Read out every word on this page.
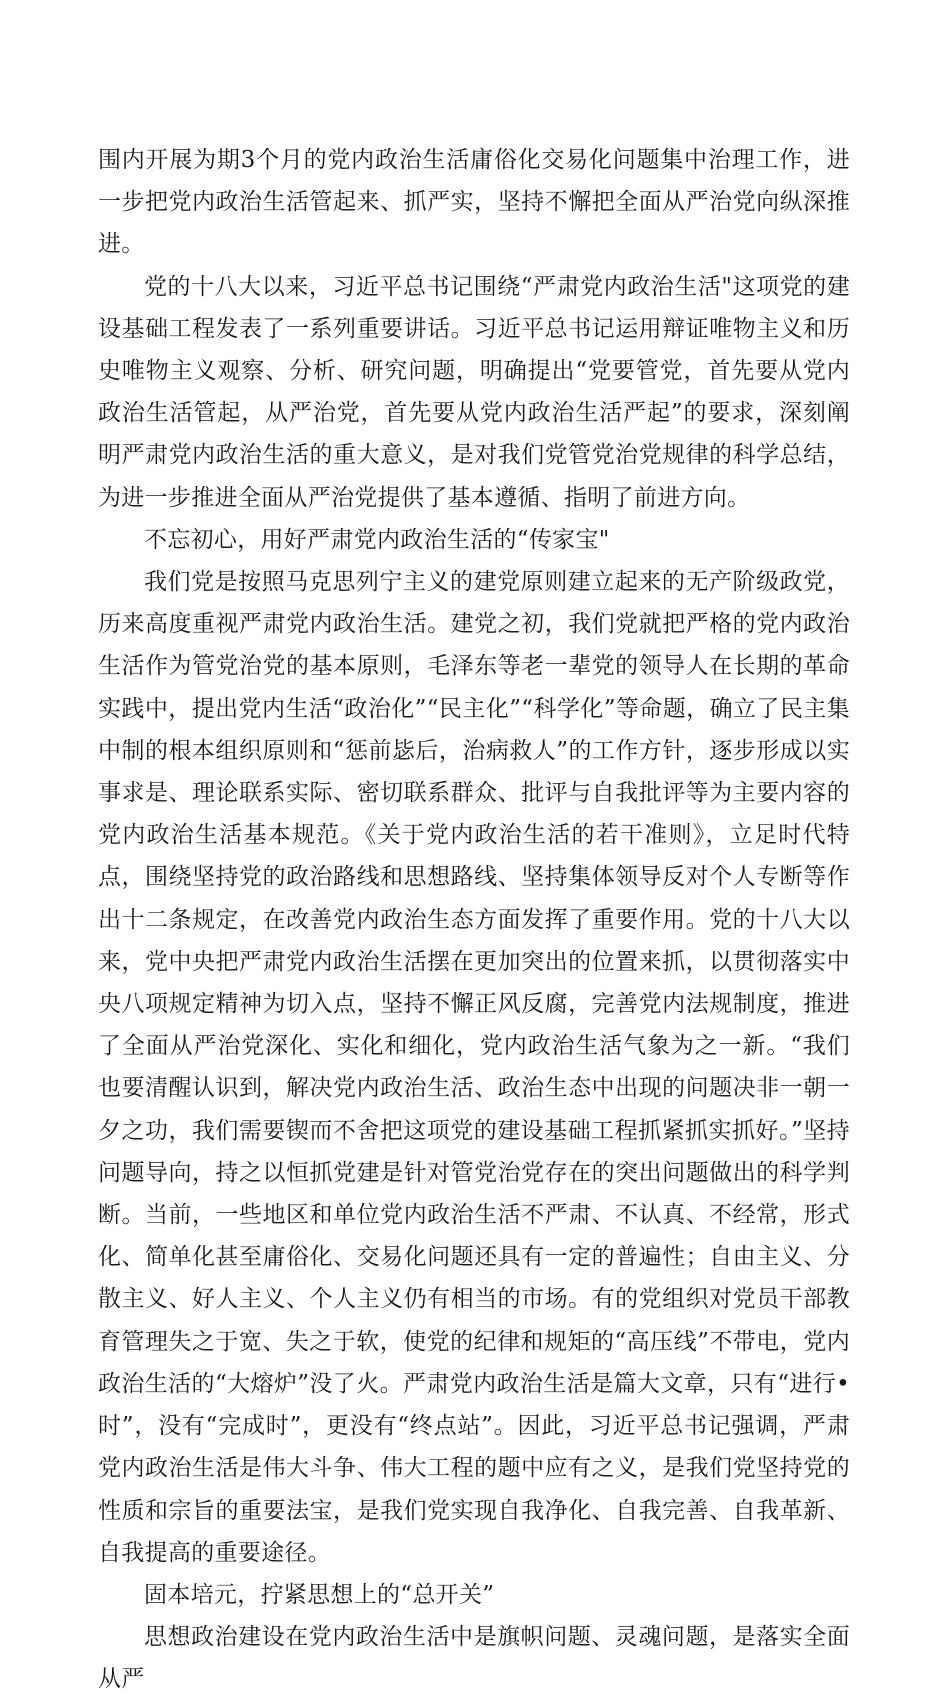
围内开展为期3个月的党内政治生活庸俗化交易化问题集中治理工作，进一步把党内政治生活管起来、抓严实，坚持不懈把全面从严治党向纵深推进。

党的十八大以来，习近平总书记围绕“严肃党内政治生活"这项党的建设基础工程发表了一系列重要讲话。习近平总书记运用辩证唯物主义和历史唯物主义观察、分析、研究问题，明确提出“党要管党，首先要从党内政治生活管起，从严治党，首先要从党内政治生活严起”的要求，深刻阐明严肃党内政治生活的重大意义，是对我们党管党治党规律的科学总结，为进一步推进全面从严治党提供了基本遵循、指明了前进方向。

不忘初心，用好严肃党内政治生活的“传家宝"

我们党是按照马克思列宁主义的建党原则建立起来的无产阶级政党，历来高度重视严肃党内政治生活。建党之初，我们党就把严格的党内政治生活作为管党治党的基本原则，毛泽东等老一辈党的领导人在长期的革命实践中，提出党内生活“政治化”“民主化”“科学化”等命题，确立了民主集中制的根本组织原则和“惩前毖后，治病救人”的工作方针，逐步形成以实事求是、理论联系实际、密切联系群众、批评与自我批评等为主要内容的党内政治生活基本规范。《关于党内政治生活的若干准则》，立足时代特点，围绕坚持党的政治路线和思想路线、坚持集体领导反对个人专断等作出十二条规定，在改善党内政治生态方面发挥了重要作用。党的十八大以来，党中央把严肃党内政治生活摆在更加突出的位置来抓，以贯彻落实中央八项规定精神为切入点，坚持不懈正风反腐，完善党内法规制度，推进了全面从严治党深化、实化和细化，党内政治生活气象为之一新。“我们也要清醒认识到，解决党内政治生活、政治生态中出现的问题决非一朝一夕之功，我们需要锲而不舍把这项党的建设基础工程抓紧抓实抓好。”坚持问题导向，持之以恒抓党建是针对管党治党存在的突出问题做出的科学判断。当前，一些地区和单位党内政治生活不严肃、不认真、不经常，形式化、简单化甚至庸俗化、交易化问题还具有一定的普遍性；自由主义、分散主义、好人主义、个人主义仍有相当的市场。有的党组织对党员干部教育管理失之于宽、失之于软，使党的纪律和规矩的“高压线”不带电，党内政治生活的“大熔炉”没了火。严肃党内政治生活是篇大文章，只有“进行•时”，没有“完成时”，更没有“终点站”。因此，习近平总书记强调，严肃党内政治生活是伟大斗争、伟大工程的题中应有之义，是我们党坚持党的性质和宗旨的重要法宝，是我们党实现自我净化、自我完善、自我革新、自我提高的重要途径。

固本培元，拧紧思想上的“总开关”

思想政治建设在党内政治生活中是旗帜问题、灵魂问题，是落实全面从严
